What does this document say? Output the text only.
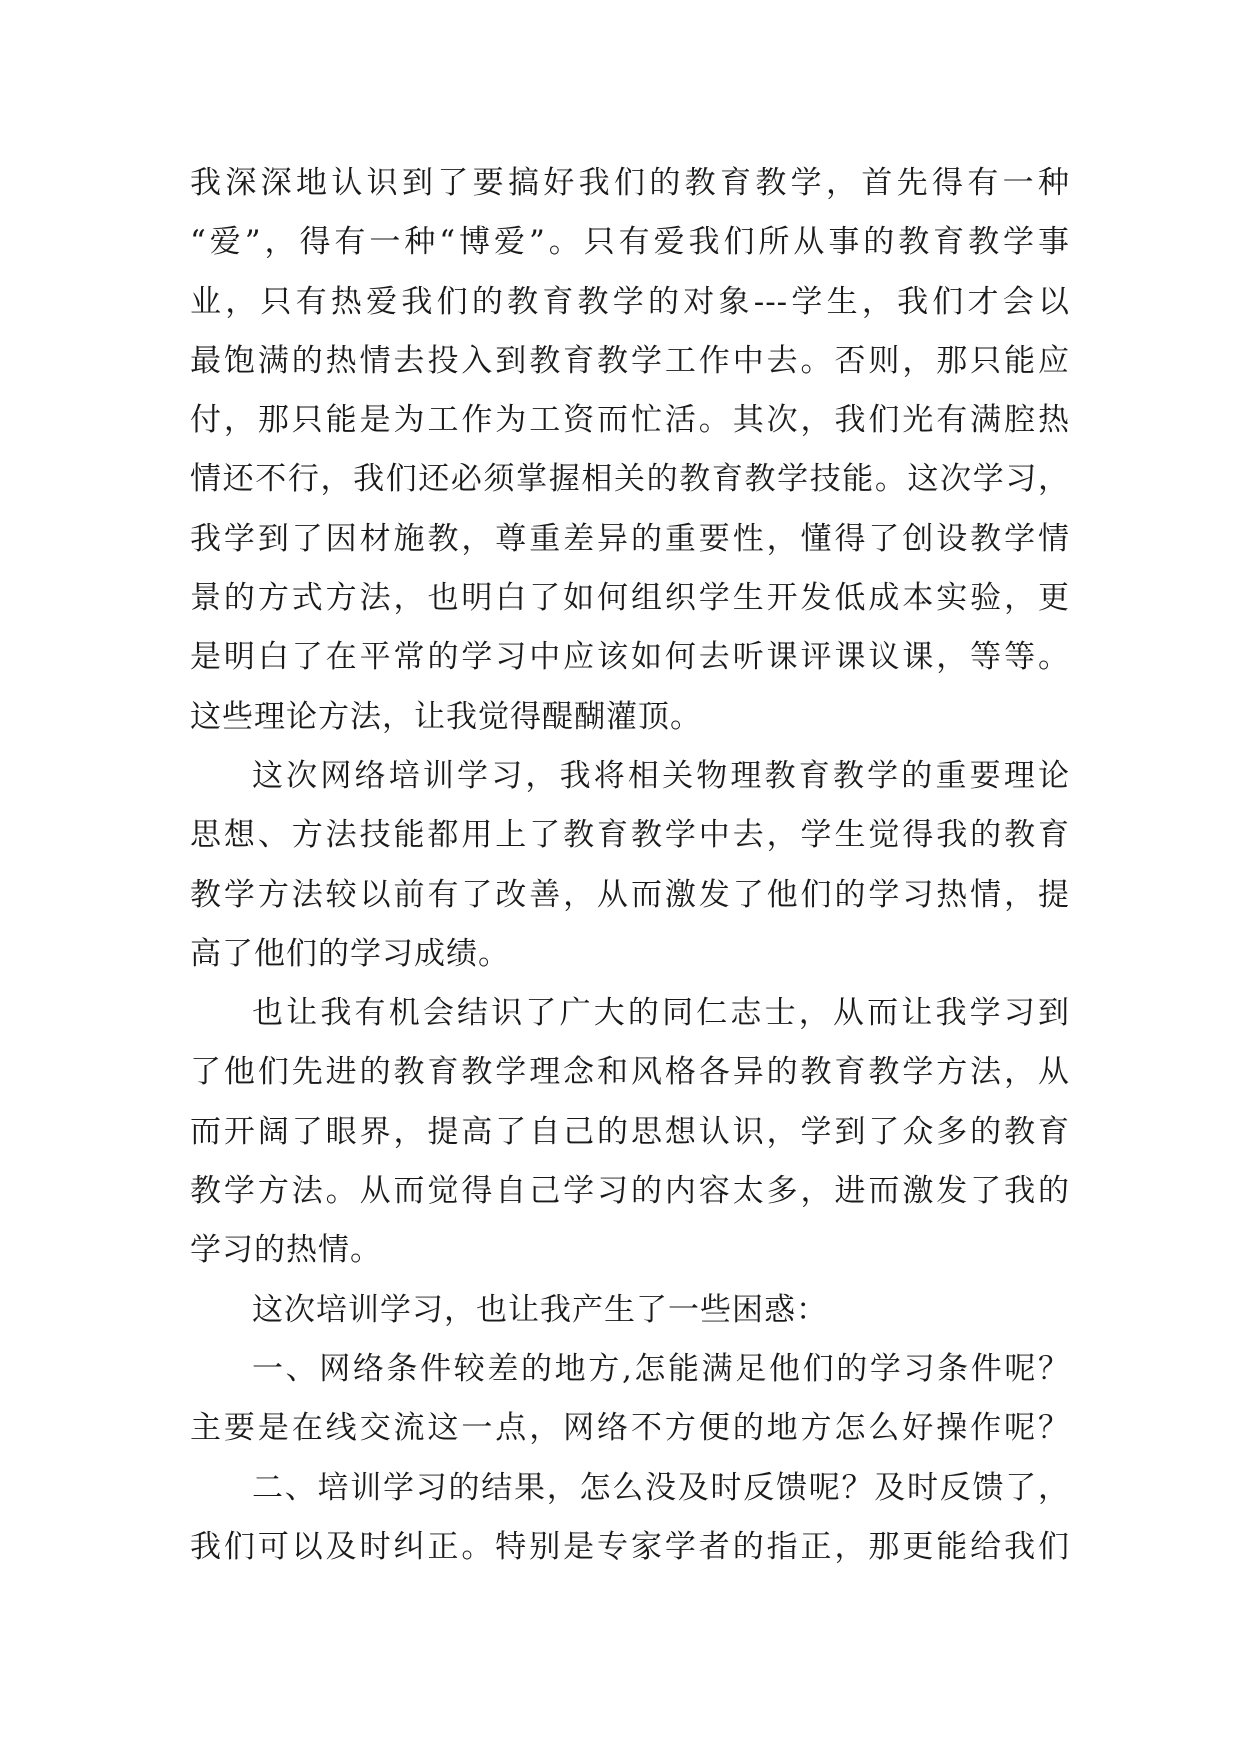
我深深地认识到了要搞好我们的教育教学，首先得有一种
“爱”，得有一种“博爱”。只有爱我们所从事的教育教学事
业，只有热爱我们的教育教学的对象---学生，我们才会以
最饱满的热情去投入到教育教学工作中去。否则，那只能应
付，那只能是为工作为工资而忙活。其次，我们光有满腔热
情还不行，我们还必须掌握相关的教育教学技能。这次学习，
我学到了因材施教，尊重差异的重要性，懂得了创设教学情
景的方式方法，也明白了如何组织学生开发低成本实验，更
是明白了在平常的学习中应该如何去听课评课议课，等等。
这些理论方法，让我觉得醍醐灌顶。
这次网络培训学习，我将相关物理教育教学的重要理论
思想、方法技能都用上了教育教学中去，学生觉得我的教育
教学方法较以前有了改善，从而激发了他们的学习热情，提
高了他们的学习成绩。
也让我有机会结识了广大的同仁志士，从而让我学习到
了他们先进的教育教学理念和风格各异的教育教学方法，从
而开阔了眼界，提高了自己的思想认识，学到了众多的教育
教学方法。从而觉得自己学习的内容太多，进而激发了我的
学习的热情。
这次培训学习，也让我产生了一些困惑：
一、网络条件较差的地方,怎能满足他们的学习条件呢？
主要是在线交流这一点，网络不方便的地方怎么好操作呢？
二、培训学习的结果，怎么没及时反馈呢？及时反馈了，
我们可以及时纠正。特别是专家学者的指正，那更能给我们
